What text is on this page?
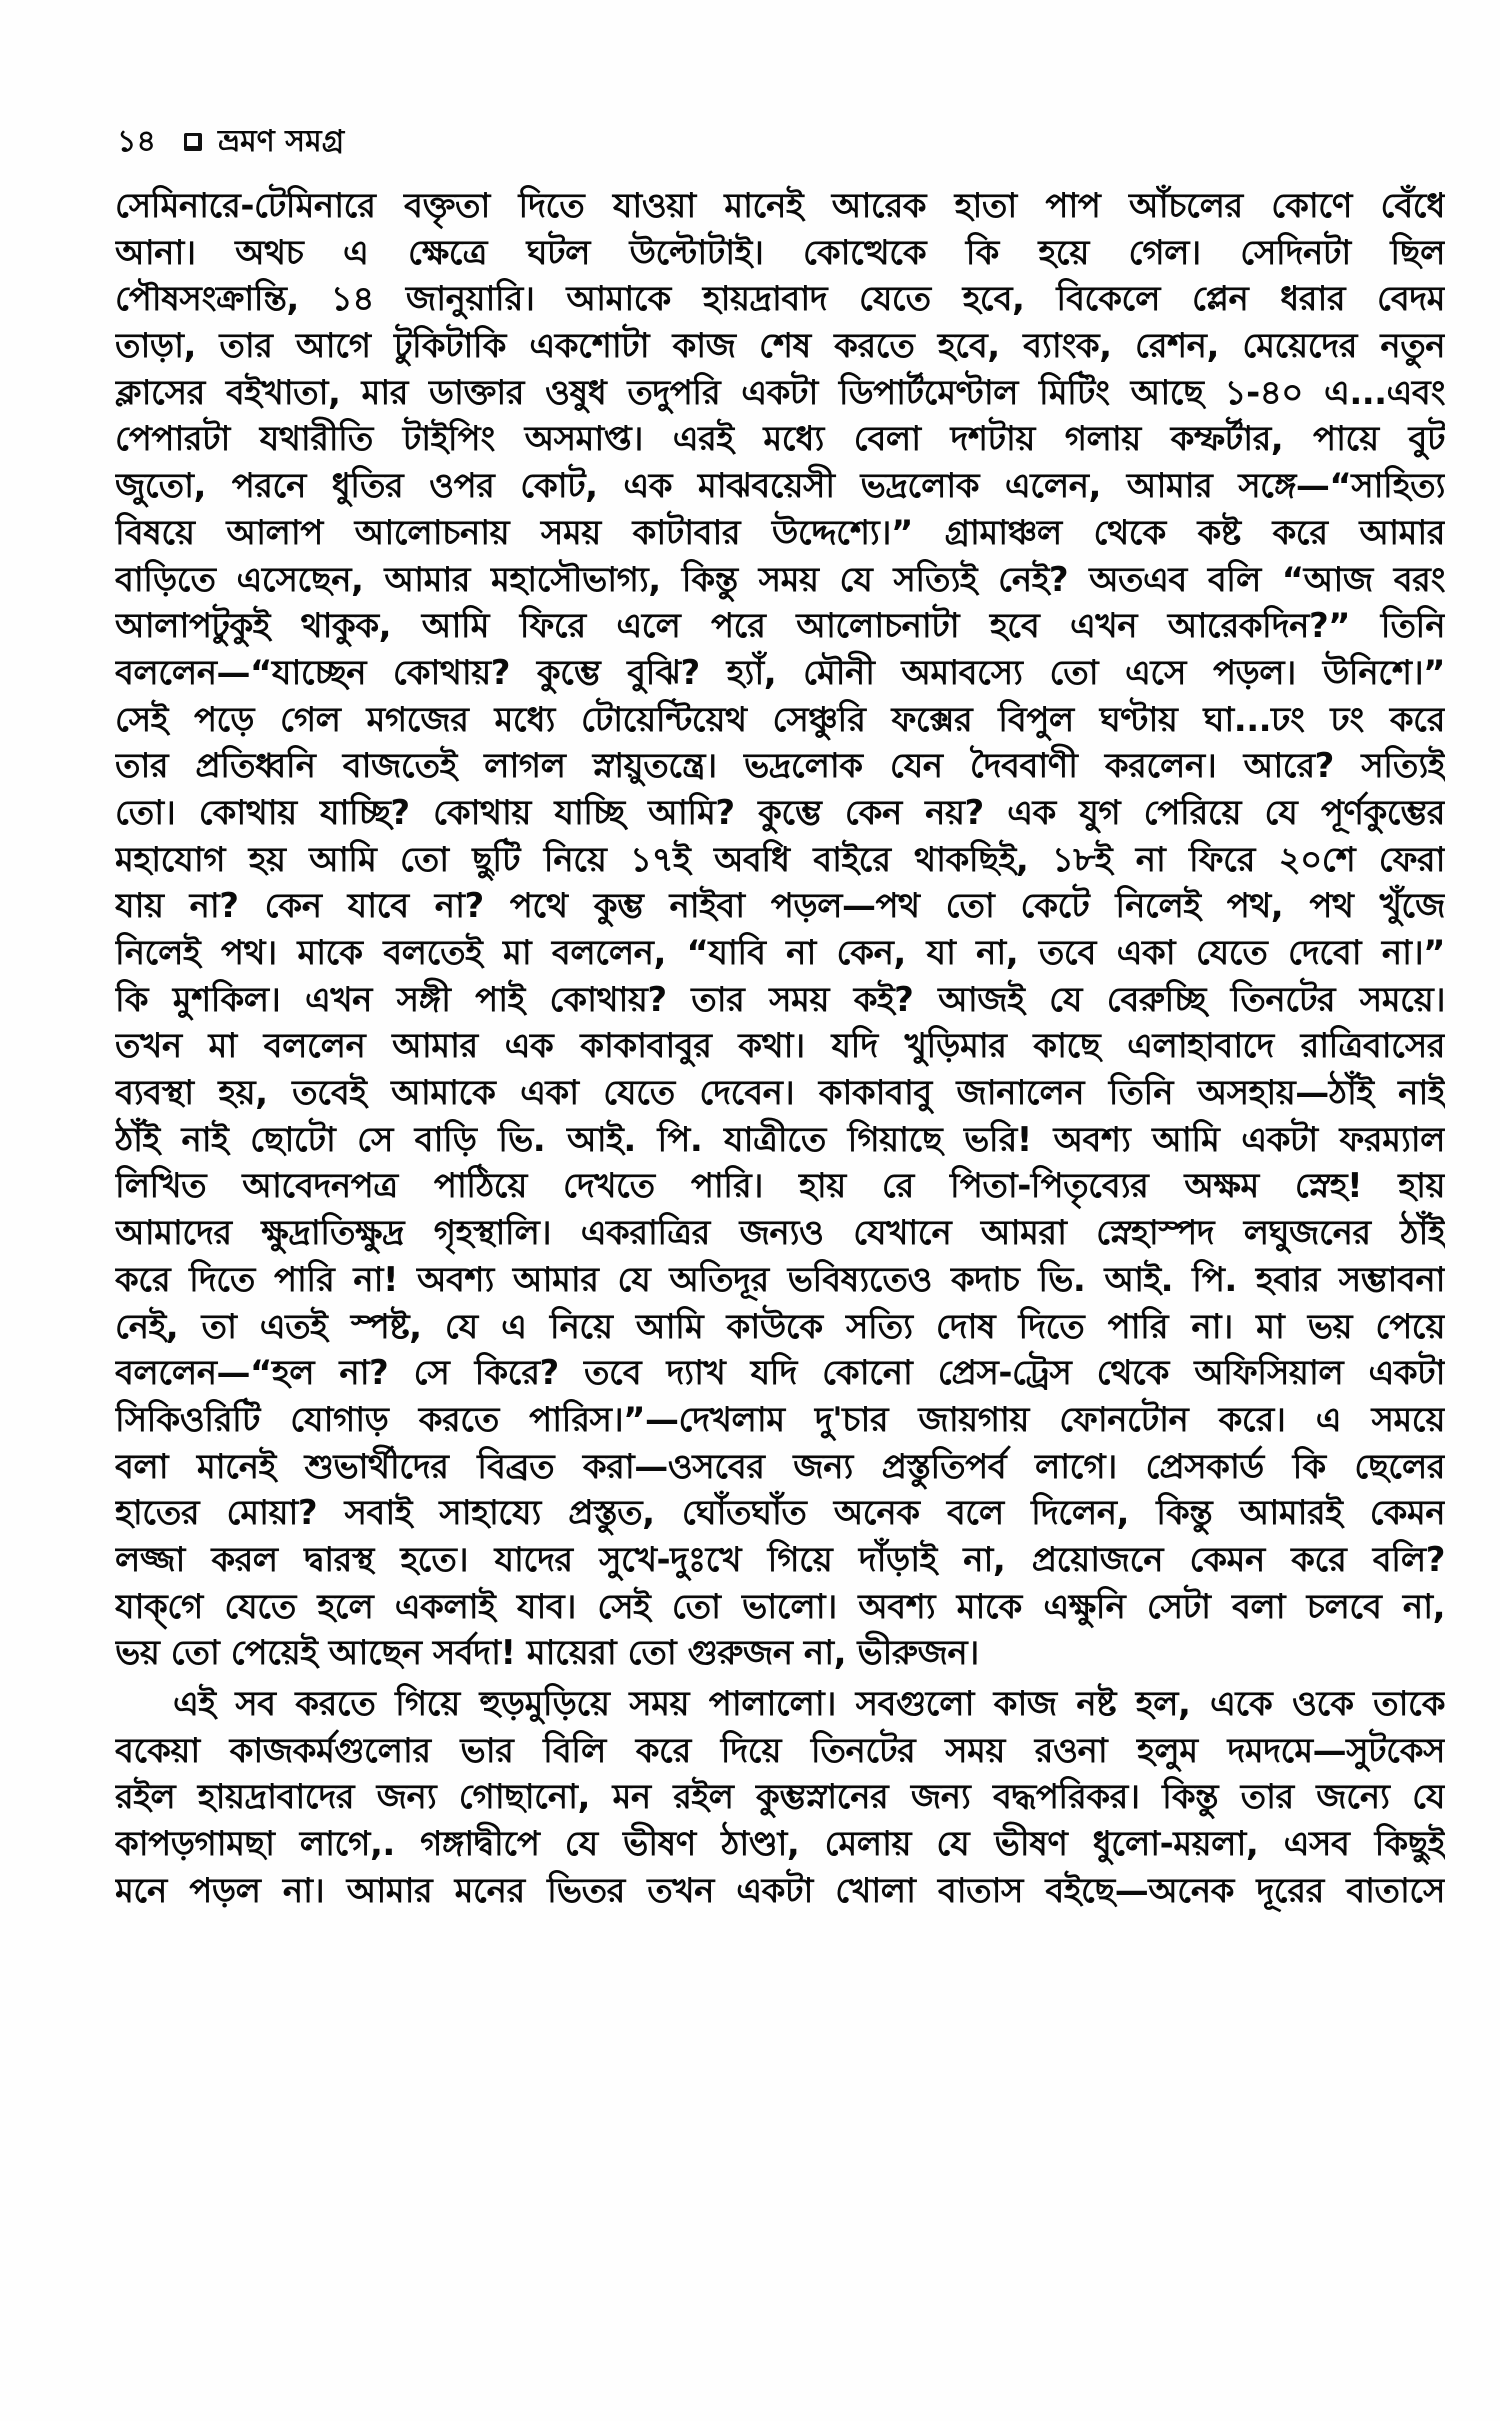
১৪ ভ্রমণ সমগ্র
সেমিনারে-টেমিনারে বক্তৃতা দিতে যাওয়া মানেই আরেক হাতা পাপ আঁচলের কোণে বেঁধে
আনা। অথচ এ ক্ষেত্রে ঘটল উল্টোটাই। কোত্থেকে কি হয়ে গেল। সেদিনটা ছিল
পৌষসংক্রান্তি, ১৪ জানুয়ারি। আমাকে হায়দ্রাবাদ যেতে হবে, বিকেলে প্লেন ধরার বেদম
তাড়া, তার আগে টুকিটাকি একশোটা কাজ শেষ করতে হবে, ব্যাংক, রেশন, মেয়েদের নতুন
ক্লাসের বইখাতা, মার ডাক্তার ওষুধ তদুপরি একটা ডিপার্টমেণ্টাল মিটিং আছে ১-৪০ এ...এবং
পেপারটা যথারীতি টাইপিং অসমাপ্ত। এরই মধ্যে বেলা দশটায় গলায় কম্ফর্টার, পায়ে বুট
জুতো, পরনে ধুতির ওপর কোট, এক মাঝবয়েসী ভদ্রলোক এলেন, আমার সঙ্গে—“সাহিত্য
বিষয়ে আলাপ আলোচনায় সময় কাটাবার উদ্দেশ্যে।” গ্রামাঞ্চল থেকে কষ্ট করে আমার
বাড়িতে এসেছেন, আমার মহাসৌভাগ্য, কিন্তু সময় যে সত্যিই নেই? অতএব বলি “আজ বরং
আলাপটুকুই থাকুক, আমি ফিরে এলে পরে আলোচনাটা হবে এখন আরেকদিন?” তিনি
বললেন—“যাচ্ছেন কোথায়? কুম্ভে বুঝি? হ্যাঁ, মৌনী অমাবস্যে তো এসে পড়ল। উনিশে।”
সেই পড়ে গেল মগজের মধ্যে টোয়েন্টিয়েথ সেঞ্চুরি ফক্সের বিপুল ঘণ্টায় ঘা...ঢং ঢং করে
তার প্রতিধ্বনি বাজতেই লাগল স্নায়ুতন্ত্রে। ভদ্রলোক যেন দৈববাণী করলেন। আরে? সত্যিই
তো। কোথায় যাচ্ছি? কোথায় যাচ্ছি আমি? কুম্ভে কেন নয়? এক যুগ পেরিয়ে যে পূর্ণকুম্ভের
মহাযোগ হয় আমি তো ছুটি নিয়ে ১৭ই অবধি বাইরে থাকছিই, ১৮ই না ফিরে ২০শে ফেরা
যায় না? কেন যাবে না? পথে কুম্ভ নাইবা পড়ল—পথ তো কেটে নিলেই পথ, পথ খুঁজে
নিলেই পথ। মাকে বলতেই মা বললেন, “যাবি না কেন, যা না, তবে একা যেতে দেবো না।”
কি মুশকিল। এখন সঙ্গী পাই কোথায়? তার সময় কই? আজই যে বেরুচ্ছি তিনটের সময়ে।
তখন মা বললেন আমার এক কাকাবাবুর কথা। যদি খুড়িমার কাছে এলাহাবাদে রাত্রিবাসের
ব্যবস্থা হয়, তবেই আমাকে একা যেতে দেবেন। কাকাবাবু জানালেন তিনি অসহায়—ঠাঁই নাই
ঠাঁই নাই ছোটো সে বাড়ি ভি. আই. পি. যাত্রীতে গিয়াছে ভরি! অবশ্য আমি একটা ফরম্যাল
লিখিত আবেদনপত্র পাঠিয়ে দেখতে পারি। হায় রে পিতা-পিতৃব্যের অক্ষম স্নেহ! হায়
আমাদের ক্ষুদ্রাতিক্ষুদ্র গৃহস্থালি। একরাত্রির জন্যও যেখানে আমরা স্নেহাস্পদ লঘুজনের ঠাঁই
করে দিতে পারি না! অবশ্য আমার যে অতিদূর ভবিষ্যতেও কদাচ ভি. আই. পি. হবার সম্ভাবনা
নেই, তা এতই স্পষ্ট, যে এ নিয়ে আমি কাউকে সত্যি দোষ দিতে পারি না। মা ভয় পেয়ে
বললেন—“হল না? সে কিরে? তবে দ্যাখ যদি কোনো প্রেস-ট্রেস থেকে অফিসিয়াল একটা
সিকিওরিটি যোগাড় করতে পারিস।”—দেখলাম দু'চার জায়গায় ফোনটোন করে। এ সময়ে
বলা মানেই শুভার্থীদের বিব্রত করা—ওসবের জন্য প্রস্তুতিপর্ব লাগে। প্রেসকার্ড কি ছেলের
হাতের মোয়া? সবাই সাহায্যে প্রস্তুত, ঘোঁতঘাঁত অনেক বলে দিলেন, কিন্তু আমারই কেমন
লজ্জা করল দ্বারস্থ হতে। যাদের সুখে-দুঃখে গিয়ে দাঁড়াই না, প্রয়োজনে কেমন করে বলি?
যাক্‌গে যেতে হলে একলাই যাব। সেই তো ভালো। অবশ্য মাকে এক্ষুনি সেটা বলা চলবে না,
ভয় তো পেয়েই আছেন সর্বদা! মায়েরা তো গুরুজন না, ভীরুজন।
এই সব করতে গিয়ে হুড়মুড়িয়ে সময় পালালো। সবগুলো কাজ নষ্ট হল, একে ওকে তাকে
বকেয়া কাজকর্মগুলোর ভার বিলি করে দিয়ে তিনটের সময় রওনা হলুম দমদমে—সুটকেস
রইল হায়দ্রাবাদের জন্য গোছানো, মন রইল কুম্ভস্নানের জন্য বদ্ধপরিকর। কিন্তু তার জন্যে যে
কাপড়গামছা লাগে,. গঙ্গাদ্বীপে যে ভীষণ ঠাণ্ডা, মেলায় যে ভীষণ ধুলো-ময়লা, এসব কিছুই
মনে পড়ল না। আমার মনের ভিতর তখন একটা খোলা বাতাস বইছে—অনেক দূরের বাতাসে
